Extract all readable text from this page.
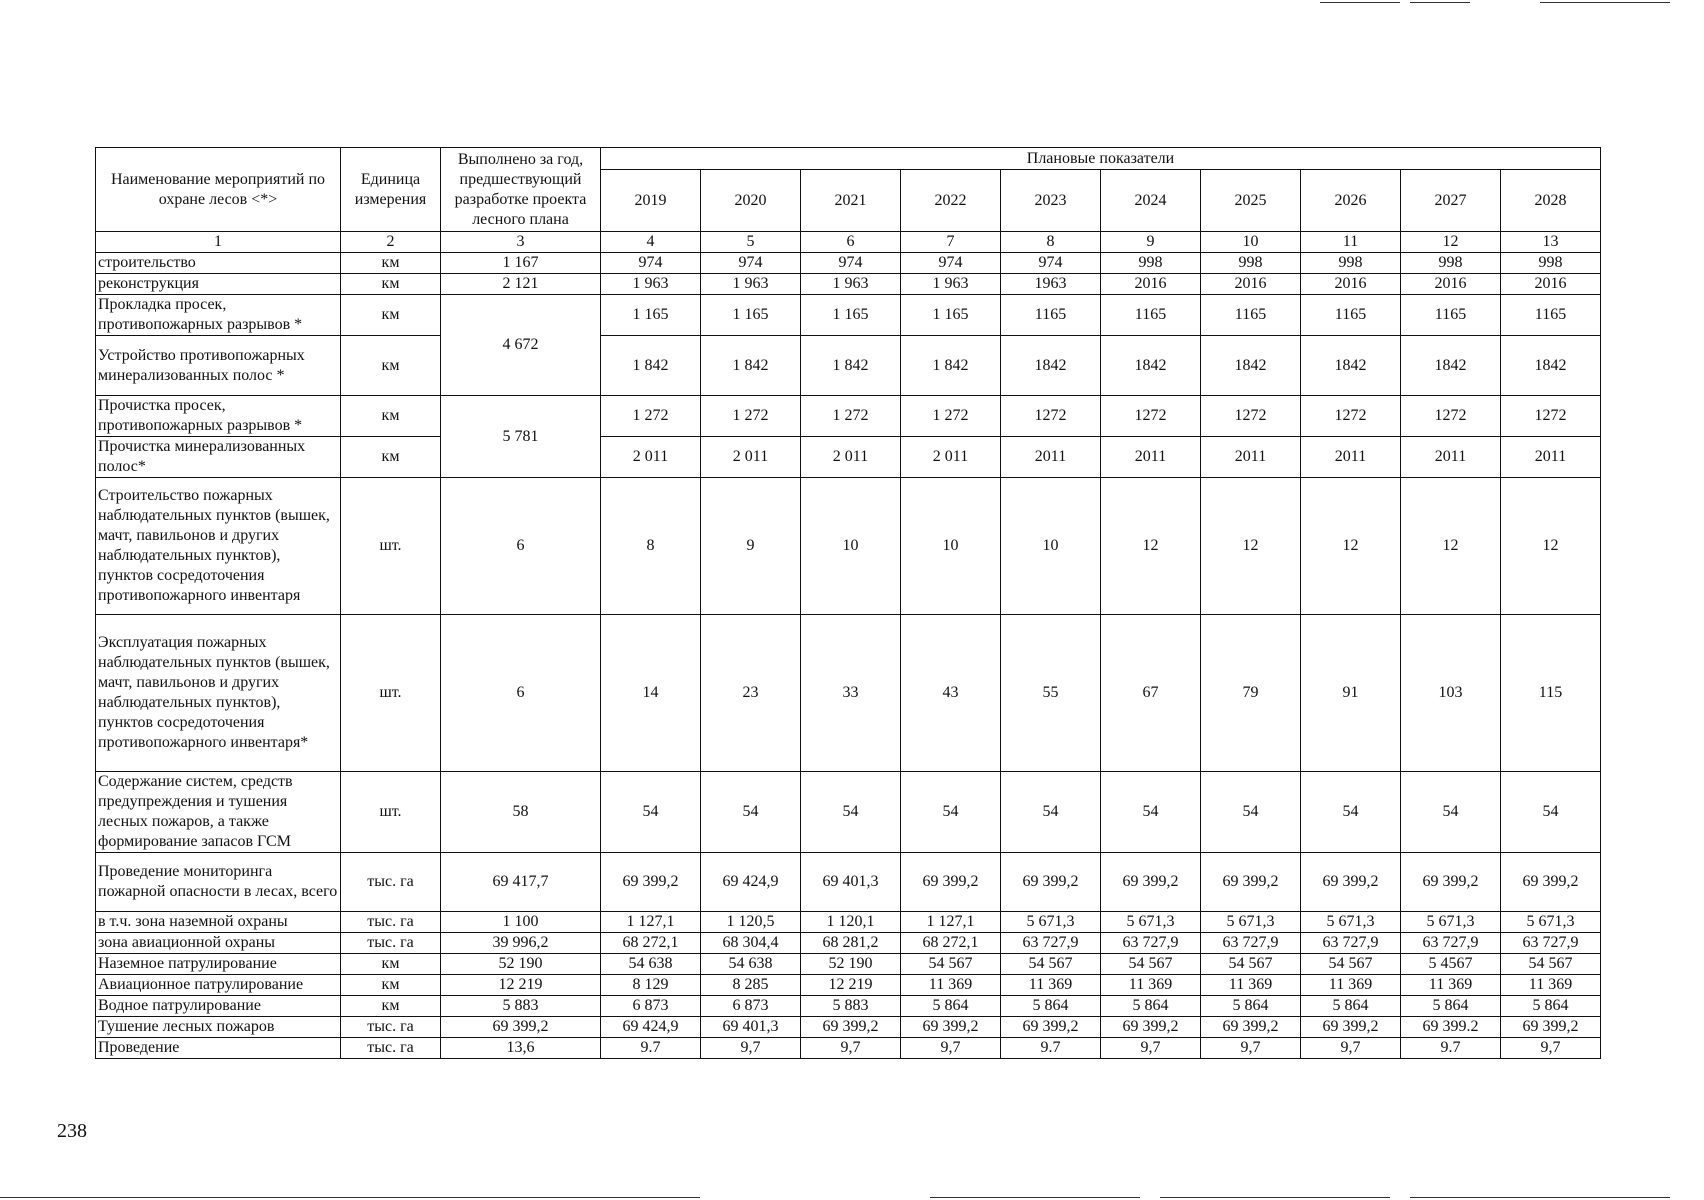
Наименование мероприятий по охране лесов <*>	Единица измерения	Выполнено за год, предшествующий разработке проекта лесного плана	Плановые показатели									
			2019	2020	2021	2022	2023	2024	2025	2026	2027	2028
1	2	3	4	5	6	7	8	9	10	11	12	13
строительство	км	1 167	974	974	974	974	974	998	998	998	998	998
реконструкция	км	2 121	1 963	1 963	1 963	1 963	1963	2016	2016	2016	2016	2016
Прокладка просек, противопожарных разрывов *	км	4 672	1 165	1 165	1 165	1 165	1165	1165	1165	1165	1165	1165
Устройство противопожарных минерализованных полос *	км		1 842	1 842	1 842	1 842	1842	1842	1842	1842	1842	1842
Прочистка просек, противопожарных разрывов *	км	5 781	1 272	1 272	1 272	1 272	1272	1272	1272	1272	1272	1272
Прочистка минерализованных полос*	км		2 011	2 011	2 011	2 011	2011	2011	2011	2011	2011	2011
Строительство пожарных наблюдательных пунктов (вышек, мачт, павильонов и других наблюдательных пунктов), пунктов сосредоточения противопожарного инвентаря	шт.	6	8	9	10	10	10	12	12	12	12	12
Эксплуатация пожарных наблюдательных пунктов (вышек, мачт, павильонов и других наблюдательных пунктов), пунктов сосредоточения противопожарного инвентаря*	шт.	6	14	23	33	43	55	67	79	91	103	115
Содержание систем, средств предупреждения и тушения лесных пожаров, а также формирование запасов ГСМ	шт.	58	54	54	54	54	54	54	54	54	54	54
Проведение мониторинга пожарной опасности в лесах, всего	тыс. га	69 417,7	69 399,2	69 424,9	69 401,3	69 399,2	69 399,2	69 399,2	69 399,2	69 399,2	69 399,2	69 399,2
в т.ч. зона наземной охраны	тыс. га	1 100	1 127,1	1 120,5	1 120,1	1 127,1	5 671,3	5 671,3	5 671,3	5 671,3	5 671,3	5 671,3
зона авиационной охраны	тыс. га	39 996,2	68 272,1	68 304,4	68 281,2	68 272,1	63 727,9	63 727,9	63 727,9	63 727,9	63 727,9	63 727,9
Наземное патрулирование	км	52 190	54 638	54 638	52 190	54 567	54 567	54 567	54 567	54 567	5 4567	54 567
Авиационное патрулирование	км	12 219	8 129	8 285	12 219	11 369	11 369	11 369	11 369	11 369	11 369	11 369
Водное патрулирование	км	5 883	6 873	6 873	5 883	5 864	5 864	5 864	5 864	5 864	5 864	5 864
Тушение лесных пожаров	тыс. га	69 399,2	69 424,9	69 401,3	69 399,2	69 399,2	69 399,2	69 399,2	69 399,2	69 399,2	69 399.2	69 399,2
Проведение	тыс. га	13,6	9.7	9,7	9,7	9,7	9.7	9,7	9,7	9,7	9.7	9,7
238
